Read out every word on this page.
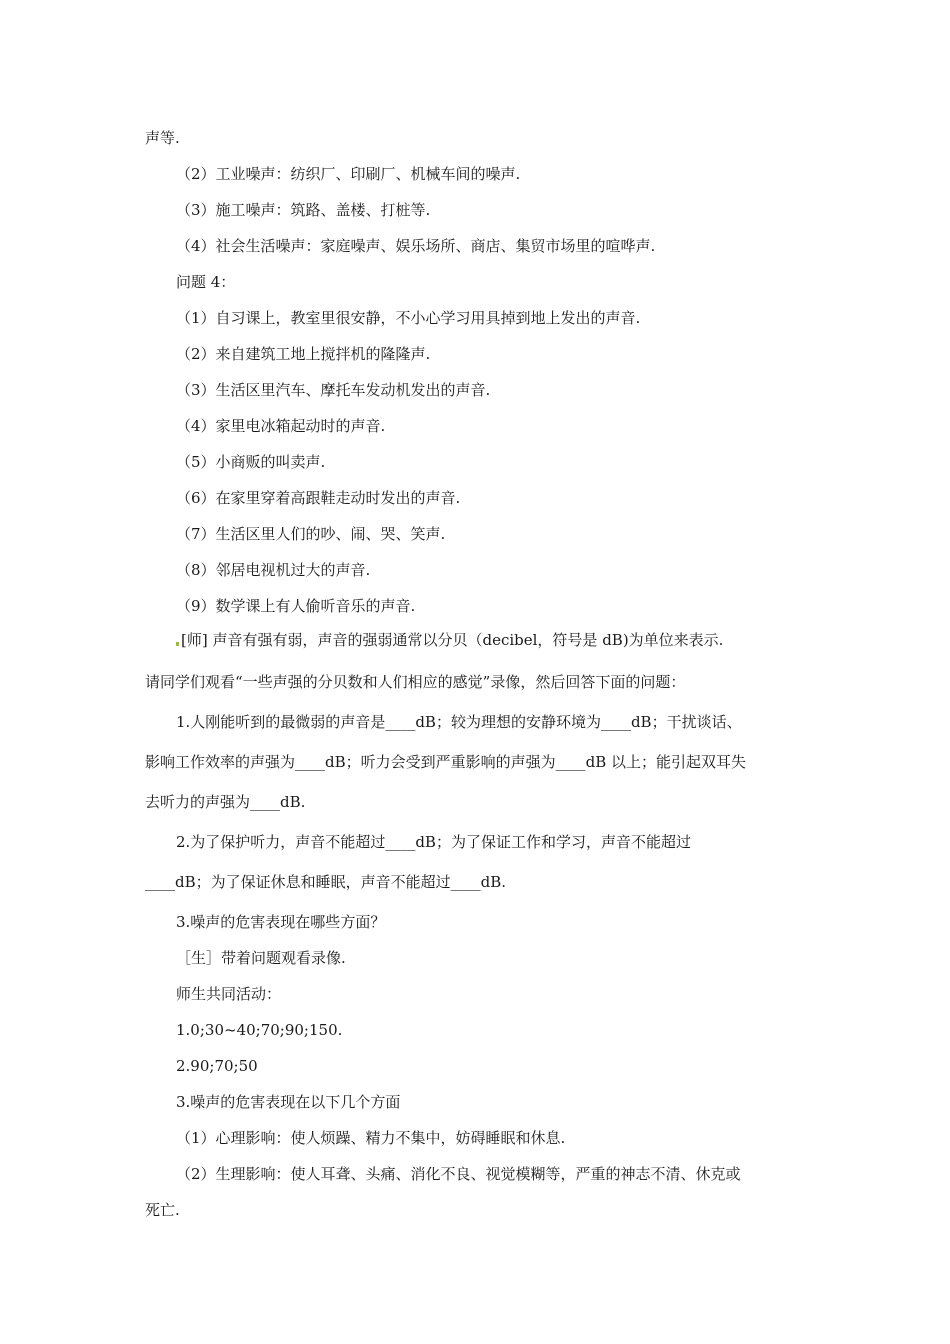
声等.
（2）工业噪声：纺织厂、印刷厂、机械车间的噪声.
（3）施工噪声：筑路、盖楼、打桩等.
（4）社会生活噪声：家庭噪声、娱乐场所、商店、集贸市场里的喧哗声.
问题 4：
（1）自习课上，教室里很安静，不小心学习用具掉到地上发出的声音.
（2）来自建筑工地上搅拌机的隆隆声.
（3）生活区里汽车、摩托车发动机发出的声音.
（4）家里电冰箱起动时的声音.
（5）小商贩的叫卖声.
（6）在家里穿着高跟鞋走动时发出的声音.
（7）生活区里人们的吵、闹、哭、笑声.
（8）邻居电视机过大的声音.
（9）数学课上有人偷听音乐的声音.
[师] 声音有强有弱，声音的强弱通常以分贝（decibel，符号是 dB)为单位来表示.
请同学们观看“一些声强的分贝数和人们相应的感觉”录像，然后回答下面的问题：
1.人刚能听到的最微弱的声音是____dB；较为理想的安静环境为____dB；干扰谈话、
影响工作效率的声强为____dB；听力会受到严重影响的声强为____dB 以上；能引起双耳失
去听力的声强为____dB.
2.为了保护听力，声音不能超过____dB；为了保证工作和学习，声音不能超过
____dB；为了保证休息和睡眠，声音不能超过____dB.
3.噪声的危害表现在哪些方面？
［生］带着问题观看录像.
师生共同活动：
1.0;30~40;70;90;150.
2.90;70;50
3.噪声的危害表现在以下几个方面
（1）心理影响：使人烦躁、精力不集中，妨碍睡眠和休息.
（2）生理影响：使人耳聋、头痛、消化不良、视觉模糊等，严重的神志不清、休克或
死亡.
